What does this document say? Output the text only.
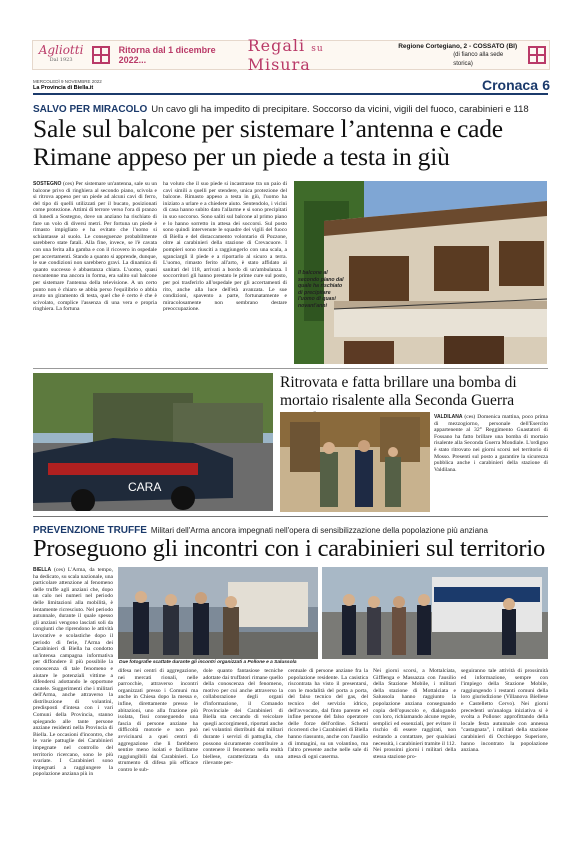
Agliotti
Dal 1923
Ritorna dal 1 dicembre 2022...
Regali su Misura
Regione Cortegiano, 2 - COSSATO (BI)
(di fianco alla sede storica)
MERCOLEDÌ 9 NOVEMBRE 2022
La Provincia di Biella.it	Cronaca 6
SALVO PER MIRACOLO Un cavo gli ha impedito di precipitare. Soccorso da vicini, vigili del fuoco, carabinieri e 118
Sale sul balcone per sistemare l’antenna e cade
Rimane appeso per un piede a testa in giù
SOSTEGNO (ces) Per sistemare un'antenna, sale su un balcone privo di ringhiera al secondo piano, scivola e si ritrova appeso per un piede ad alcuni cavi di ferro, del tipo di quelli utilizzati per il bucato, posizionati come protezione. Attimi di terrore verso l'ora di pranzo di lunedì a Sostegno, dove un anziano ha rischiato di fare un volo di diversi metri. Per fortuna un piede è rimasto impigliato e ha evitato che l'uomo si schiantasse al suolo. Le conseguenze probabilmente sarebbero state fatali. Alla fine, invece, se l'è cavata con una ferita alla gamba e con il ricovero in ospedale per accertamenti. Stando a quanto si apprende, dunque, le sue condizioni non sarebbero gravi. La dinamica di quanto successo è abbastanza chiara. L'uomo, quasi novantenne ma ancora in forma, era salito sul balcone per sistemare l'antenna della televisione. A un certo punto non è chiaro se abbia perso l'equilibrio o abbia avuto un giramento di testa, quel che è certo è che è scivolato, complice l'assenza di una vera e propria ringhiera. La fortuna
ha voluto che il suo piede si incastrasse tra un paio di cavi simili a quelli per stendere, unica protezione del balcone. Rimasto appeso a testa in giù, l'uomo ha iniziato a urlare e a chiedere aiuto. Sentendolo, i vicini di casa hanno subito dato l'allarme e si sono precipitati in suo soccorso. Sono saliti sul balcone al primo piano e lo hanno sorretto in attesa dei soccorsi. Sul posto sono quindi intervenute le squadre dei vigili del fuoco di Biella e del distaccamento volontario di Pozzone, oltre ai carabinieri della stazione di Crevacuore. I pompieri sono riusciti a raggiungerlo con una scala, a sganciargli il piede e a riportarlo al sicuro a terra. L'uomo, rimasto ferito all'arto, è stato affidato ai sanitari del 118, arrivati a bordo di un'ambulanza. I soccorritori gli hanno prestato le prime cure sul posto, per poi trasferirlo all'ospedale per gli accertamenti di rito, anche alla luce dell'età avanzata. Le sue condizioni, spavento a parte, fortunatamente e miracolosamente non sembrano destare preoccupazione.
Il balcone al secondo piano dal quale ha rischiato di precipitare l'uomo di quasi novant'anni
CARA
Ritrovata e fatta brillare una bomba di mortaio risalente alla Seconda Guerra
VALDILANA (ces) Domenica mattina, poco prima di mezzogiorno, personale dell'Esercito appartenente al 32° Reggimento Guastatori di Fossano ha fatto brillare una bomba di mortaio risalente alla Seconda Guerra Mondiale. L'ordigno è stato ritrovato nei giorni scorsi nel territorio di Mosso. Presenti sul posto a garantire la sicurezza pubblica anche i carabinieri della stazione di Valdilana.
PREVENZIONE TRUFFE Militari dell'Arma ancora impegnati nell'opera di sensibilizzazione della popolazione più anziana
Proseguono gli incontri con i carabinieri sul territorio
BIELLA (ces) L'Arma, da tempo, ha dedicato, su scala nazionale, una particolare attenzione al fenomeno delle truffe agli anziani che, dopo un calo nei numeri nel periodo delle limitazioni alla mobilità, è lentamente ricresciuto. Nel periodo autunnale, durante il quale spesso gli anziani vengono lasciati soli da congiunti che riprendono le attività lavorative e scolastiche dopo il periodo di ferie, l'Arma dei Carabinieri di Biella ha condotto un'intensa campagna informativa per diffondere il più possibile la conoscenza di tale fenomeno e aiutare le potenziali vittime a difendersi adottando le opportune cautele. Suggerimenti che i militari dell'Arma, anche attraverso la distribuzione di volantini, predisposti d'intesa con i vari Comuni della Provincia, stanno spiegando alle tante persone anziane residenti nella Provincia di Biella. Le occasioni d'incontro, che le varie pattuglie dei Carabinieri impegnate nel controllo del territorio ricercano, sono le più svariate. I Carabinieri sono impegnati a raggiungere la popolazione anziana più in
Due fotografie scattate durante gli incontri organizzati a Pollone e a Salussola
difesa nei centri di aggregazione, nei mercati rionali, nelle parrocchie, attraverso incontri organizzati presso i Comuni ma anche in Chiesa dopo la messa e, infine, direttamente presso le abitazioni, uno alla frazione più isolata, fissi conseguendo una fascia di persone anziane ha difficoltà motorie e non può avvicinarsi a quei centri di aggregazione che li farebbero sentire meno isolati e facilitarne raggiungibili dai Carabinieri. Lo strumento di difesa più efficace contro le sub-
dole quanto fantasiose tecniche adottate dai truffatori rimane quello della conoscenza del fenomeno, motivo per cui anche attraverso la collaborazione degli organi d'informazione, il Comando Provinciale dei Carabinieri di Biella sta cercando di veicolare quegli accorgimenti, riportati anche nei volantini distribuiti dai militari durante i servizi di pattuglia, che possono sicuramente contribuire a contenere il fenomeno nella realtà biellese, caratterizzata da una rilevante per-
centuale di persone anziane fra la popolazione residente. La casistica riscontrata ha visto il presentarsi, con le modalità del porta a porta, del falso tecnico del gas, del tecnico del servizio idrico, dell'avvocato, dal finto parente ed infine persone del falso operatore delle forze dell'ordine. Schemi ricorrenti che i Carabinieri di Biella hanno riassunto, anche con l'ausilio di immagini, su un volantino, ma l'altro presente anche nelle sale di attesa di ogni caserma.
Nei giorni scorsi, a Mottalciata, Gifflenga e Massazza con l'ausilio della Stazione Mobile, i militari della stazione di Mottalciata e Salussola hanno raggiunto la popolazione anziana consegnando copia dell'opuscolo e, dialogando con loro, richiamando alcune regole, semplici ed essenziali, per evitare il rischio di essere raggirati, non esitando a contattare, per qualsiasi necessità, i carabinieri tramite il 112. Nei prossimi giorni i militari della stessa stazione pro-
seguiranno tale attività di prossimità ed informazione, sempre con l'impiego della Stazione Mobile, raggiungendo i restanti comuni della loro giurisdizione (Villanova Biellese e Castelletto Cervo). Nei giorni precedenti un'analoga iniziativa si è svolta a Pollone: approfittando della locale festa autunnale con annessa "castagnata", i militari della stazione carabinieri di Occhieppo Superiore, hanno incontrato la popolazione anziana.
